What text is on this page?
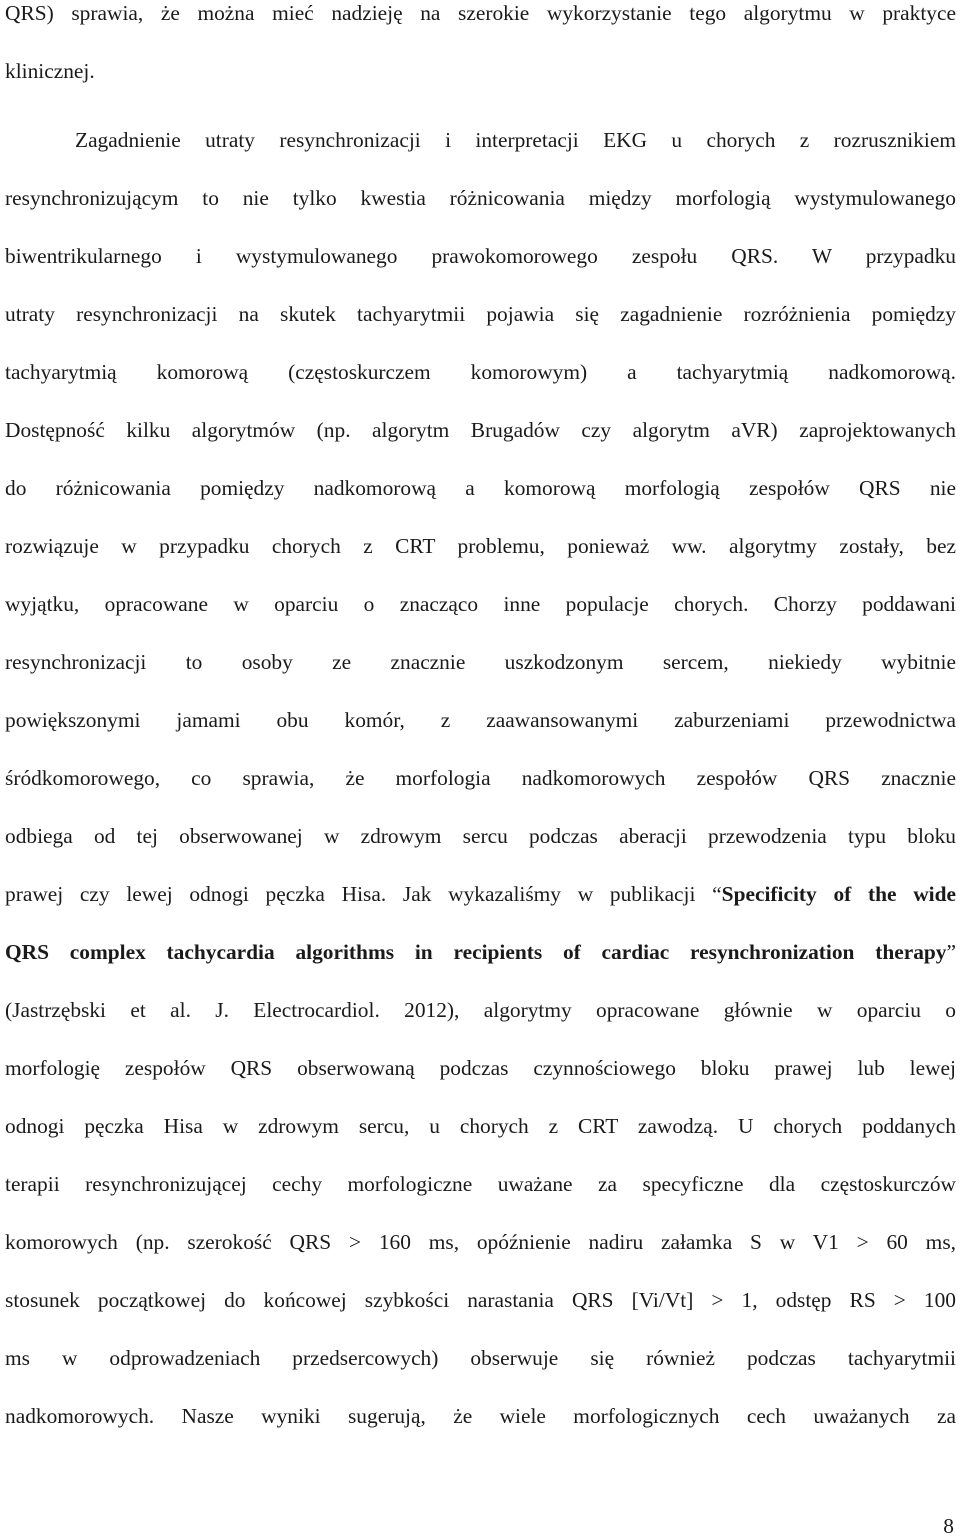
QRS) sprawia, że można mieć nadzieję na szerokie wykorzystanie tego algorytmu w praktyce
klinicznej.
Zagadnienie utraty resynchronizacji i interpretacji EKG u chorych z rozrusznikiem
resynchronizującym to nie tylko kwestia różnicowania między morfologią wystymulowanego
biwentrikularnego i wystymulowanego prawokomorowego zespołu QRS. W przypadku
utraty resynchronizacji na skutek tachyarytmii pojawia się zagadnienie rozróżnienia pomiędzy
tachyarytmią komorową (częstoskurczem komorowym) a tachyarytmią nadkomorową.
Dostępność kilku algorytmów (np. algorytm Brugadów czy algorytm aVR) zaprojektowanych
do różnicowania pomiędzy nadkomorową a komorową morfologią zespołów QRS nie
rozwiązuje w przypadku chorych z CRT problemu, ponieważ ww. algorytmy zostały, bez
wyjątku, opracowane w oparciu o znacząco inne populacje chorych. Chorzy poddawani
resynchronizacji to osoby ze znacznie uszkodzonym sercem, niekiedy wybitnie
powiększonymi jamami obu komór, z zaawansowanymi zaburzeniami przewodnictwa
śródkomorowego, co sprawia, że morfologia nadkomorowych zespołów QRS znacznie
odbiega od tej obserwowanej w zdrowym sercu podczas aberacji przewodzenia typu bloku
prawej czy lewej odnogi pęczka Hisa. Jak wykazaliśmy w publikacji “Specificity of the wide
QRS complex tachycardia algorithms in recipients of cardiac resynchronization therapy”
(Jastrzębski et al. J. Electrocardiol. 2012), algorytmy opracowane głównie w oparciu o
morfologię zespołów QRS obserwowaną podczas czynnościowego bloku prawej lub lewej
odnogi pęczka Hisa w zdrowym sercu, u chorych z CRT zawodzą. U chorych poddanych
terapii resynchronizującej cechy morfologiczne uważane za specyficzne dla częstoskurczów
komorowych (np. szerokość QRS > 160 ms, opóźnienie nadiru załamka S w V1 > 60 ms,
stosunek początkowej do końcowej szybkości narastania QRS [Vi/Vt] > 1, odstęp RS > 100
ms w odprowadzeniach przedsercowych) obserwuje się również podczas tachyarytmii
nadkomorowych. Nasze wyniki sugerują, że wiele morfologicznych cech uważanych za
8
